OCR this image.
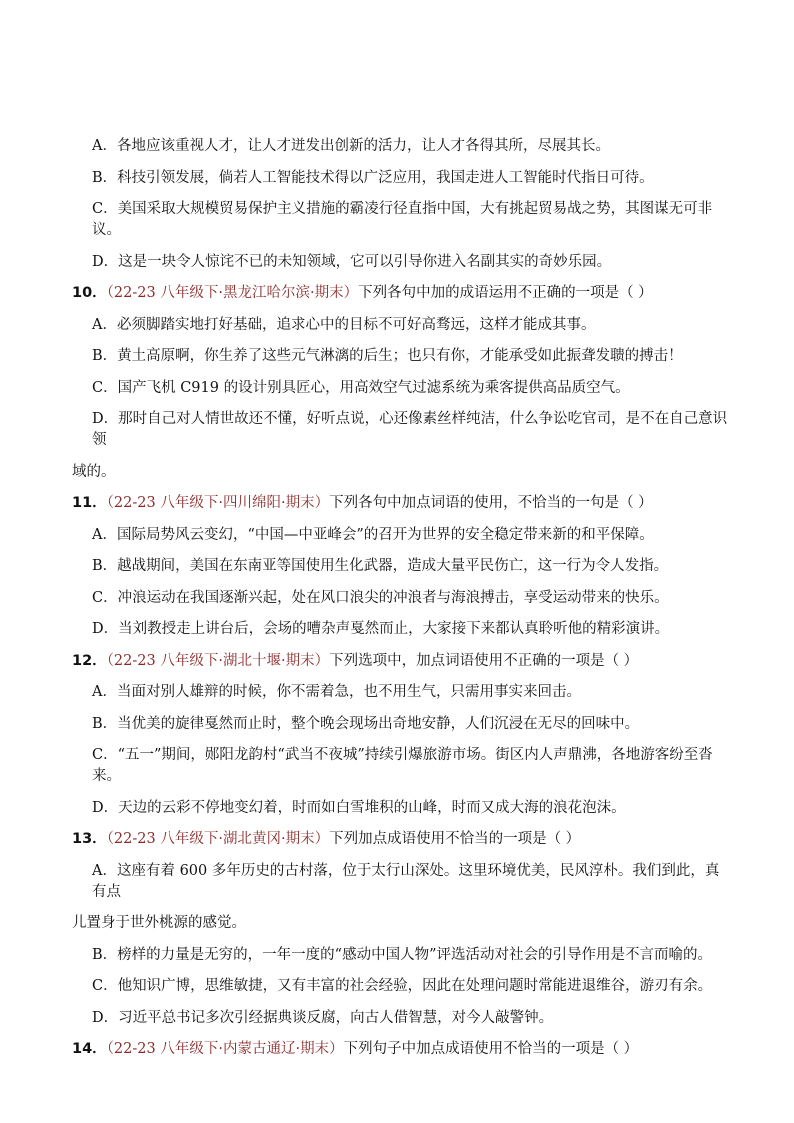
A．各地应该重视人才，让人才迸发出创新的活力，让人才各得其所，尽展其长。

B．科技引领发展，倘若人工智能技术得以广泛应用，我国走进人工智能时代指日可待。

C．美国采取大规模贸易保护主义措施的霸凌行径直指中国，大有挑起贸易战之势，其图谋无可非议。

D．这是一块令人惊诧不已的未知领域，它可以引导你进入名副其实的奇妙乐园。

10．（22-23 八年级下·黑龙江哈尔滨·期末）下列各句中加的成语运用不正确的一项是（ ）

A．必须脚踏实地打好基础，追求心中的目标不可好高骛远，这样才能成其事。

B．黄土高原啊，你生养了这些元气淋漓的后生；也只有你，才能承受如此振聋发聩的搏击！

C．国产飞机 C919 的设计别具匠心，用高效空气过滤系统为乘客提供高品质空气。

D．那时自己对人情世故还不懂，好听点说，心还像素丝样纯洁，什么争讼吃官司，是不在自己意识领

域的。

11．（22-23 八年级下·四川绵阳·期末）下列各句中加点词语的使用，不恰当的一句是（ ）

A．国际局势风云变幻，“中国—中亚峰会”的召开为世界的安全稳定带来新的和平保障。

B．越战期间，美国在东南亚等国使用生化武器，造成大量平民伤亡，这一行为令人发指。

C．冲浪运动在我国逐渐兴起，处在风口浪尖的冲浪者与海浪搏击，享受运动带来的快乐。

D．当刘教授走上讲台后，会场的嘈杂声戛然而止，大家接下来都认真聆听他的精彩演讲。

12．（22-23 八年级下·湖北十堰·期末）下列选项中，加点词语使用不正确的一项是（ ）

A．当面对别人雄辩的时候，你不需着急，也不用生气，只需用事实来回击。

B．当优美的旋律戛然而止时，整个晚会现场出奇地安静，人们沉浸在无尽的回味中。

C．“五一”期间，郧阳龙韵村“武当不夜城”持续引爆旅游市场。街区内人声鼎沸，各地游客纷至沓来。

D．天边的云彩不停地变幻着，时而如白雪堆积的山峰，时而又成大海的浪花泡沫。

13．（22-23 八年级下·湖北黄冈·期末）下列加点成语使用不恰当的一项是（ ）

A．这座有着 600 多年历史的古村落，位于太行山深处。这里环境优美，民风淳朴。我们到此，真有点

儿置身于世外桃源的感觉。

B．榜样的力量是无穷的，一年一度的“感动中国人物”评选活动对社会的引导作用是不言而喻的。

C．他知识广博，思维敏捷，又有丰富的社会经验，因此在处理问题时常能进退维谷，游刃有余。

D．习近平总书记多次引经据典谈反腐，向古人借智慧，对今人敲警钟。

14．（22-23 八年级下·内蒙古通辽·期末）下列句子中加点成语使用不恰当的一项是（ ）
